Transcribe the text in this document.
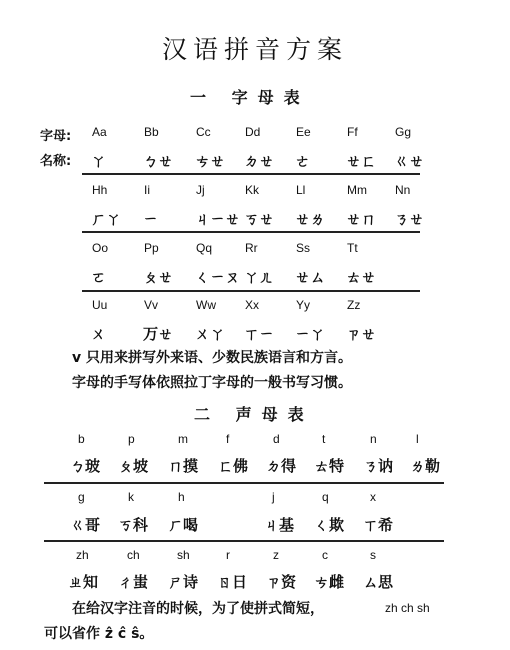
汉语拼音方案
一 字母表
字母:
名称:
Aa
ㄚ
Bb
ㄅㄝ
Cc
ㄘㄝ
Dd
ㄉㄝ
Ee
ㄜ
Ff
ㄝㄈ
Gg
ㄍㄝ
Hh
ㄏㄚ
Ii
ㄧ
Jj
ㄐㄧㄝ
Kk
ㄎㄝ
Ll
ㄝㄌ
Mm
ㄝㄇ
Nn
ㄋㄝ
Oo
ㄛ
Pp
ㄆㄝ
Qq
ㄑㄧㄡ
Rr
ㄚㄦ
Ss
ㄝㄙ
Tt
ㄊㄝ
Uu
ㄨ
Vv
ㄪㄝ
Ww
ㄨㄚ
Xx
ㄒㄧ
Yy
ㄧㄚ
Zz
ㄗㄝ
b
ㄅ玻
p
ㄆ坡
m
ㄇ摸
f
ㄈ佛
d
ㄉ得
t
ㄊ特
n
ㄋ讷
l
ㄌ勒
g
ㄍ哥
k
ㄎ科
h
ㄏ喝
j
ㄐ基
q
ㄑ欺
x
ㄒ希
zh
ㄓ知
ch
ㄔ蚩
sh
ㄕ诗
r
ㄖ日
z
ㄗ资
c
ㄘ雌
s
ㄙ思
v 只用来拼写外来语、少数民族语言和方言。
字母的手写体依照拉丁字母的一般书写习惯。
二 声母表
在给汉字注音的时候，为了使拼式简短，	zh ch sh
可以省作 ẑ ĉ ŝ。
